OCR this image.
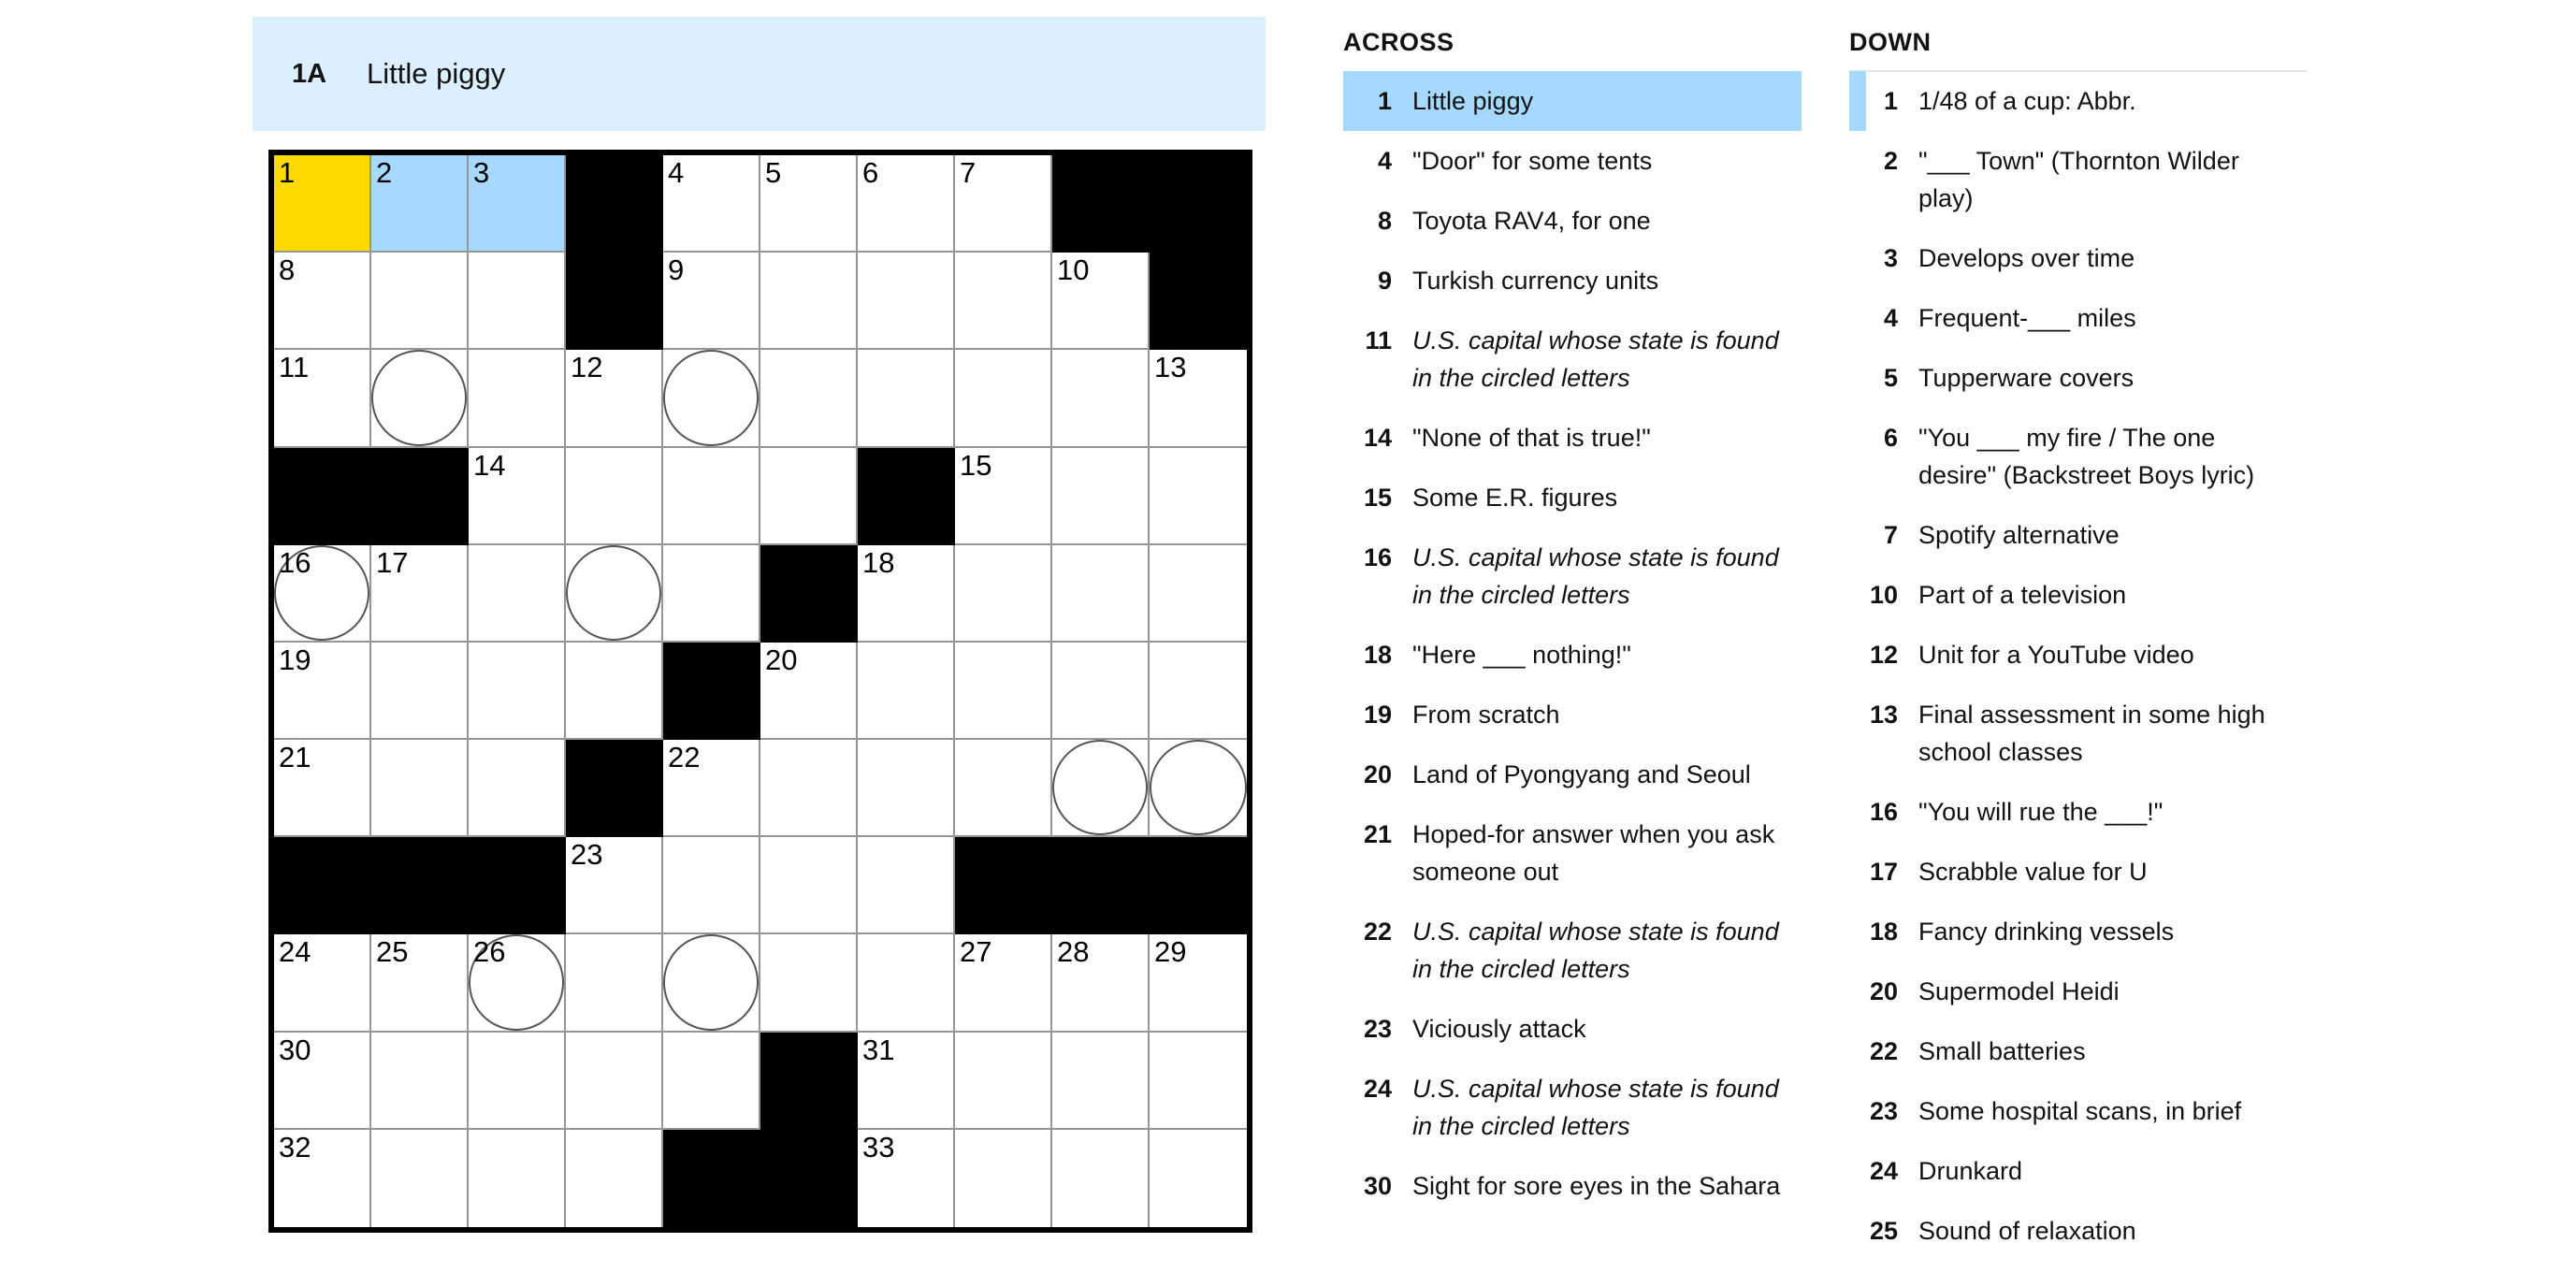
1A	Little piggy
1	2	3	4	5	6	7
8	9	10
11	12	13
14	15
16 17	18
19	20
21	22
23
24 25 26	27 28 29
30	31
32	33
ACROSS
1 Little piggy
4 "Door" for some tents
8 Toyota RAV4, for one
9 Turkish currency units
11 U.S. capital whose state is found in the circled letters
14 "None of that is true!"
15 Some E.R. figures
16 U.S. capital whose state is found in the circled letters
18 "Here ___ nothing!"
19 From scratch
20 Land of Pyongyang and Seoul
21 Hoped-for answer when you ask someone out
22 U.S. capital whose state is found in the circled letters
23 Viciously attack
24 U.S. capital whose state is found in the circled letters
30 Sight for sore eyes in the Sahara
DOWN
1 1/48 of a cup: Abbr.
2 "___ Town" (Thornton Wilder play)
3 Develops over time
4 Frequent-___ miles
5 Tupperware covers
6 "You ___ my fire / The one desire" (Backstreet Boys lyric)
7 Spotify alternative
10 Part of a television
12 Unit for a YouTube video
13 Final assessment in some high school classes
16 "You will rue the ___!"
17 Scrabble value for U
18 Fancy drinking vessels
20 Supermodel Heidi
22 Small batteries
23 Some hospital scans, in brief
24 Drunkard
25 Sound of relaxation
